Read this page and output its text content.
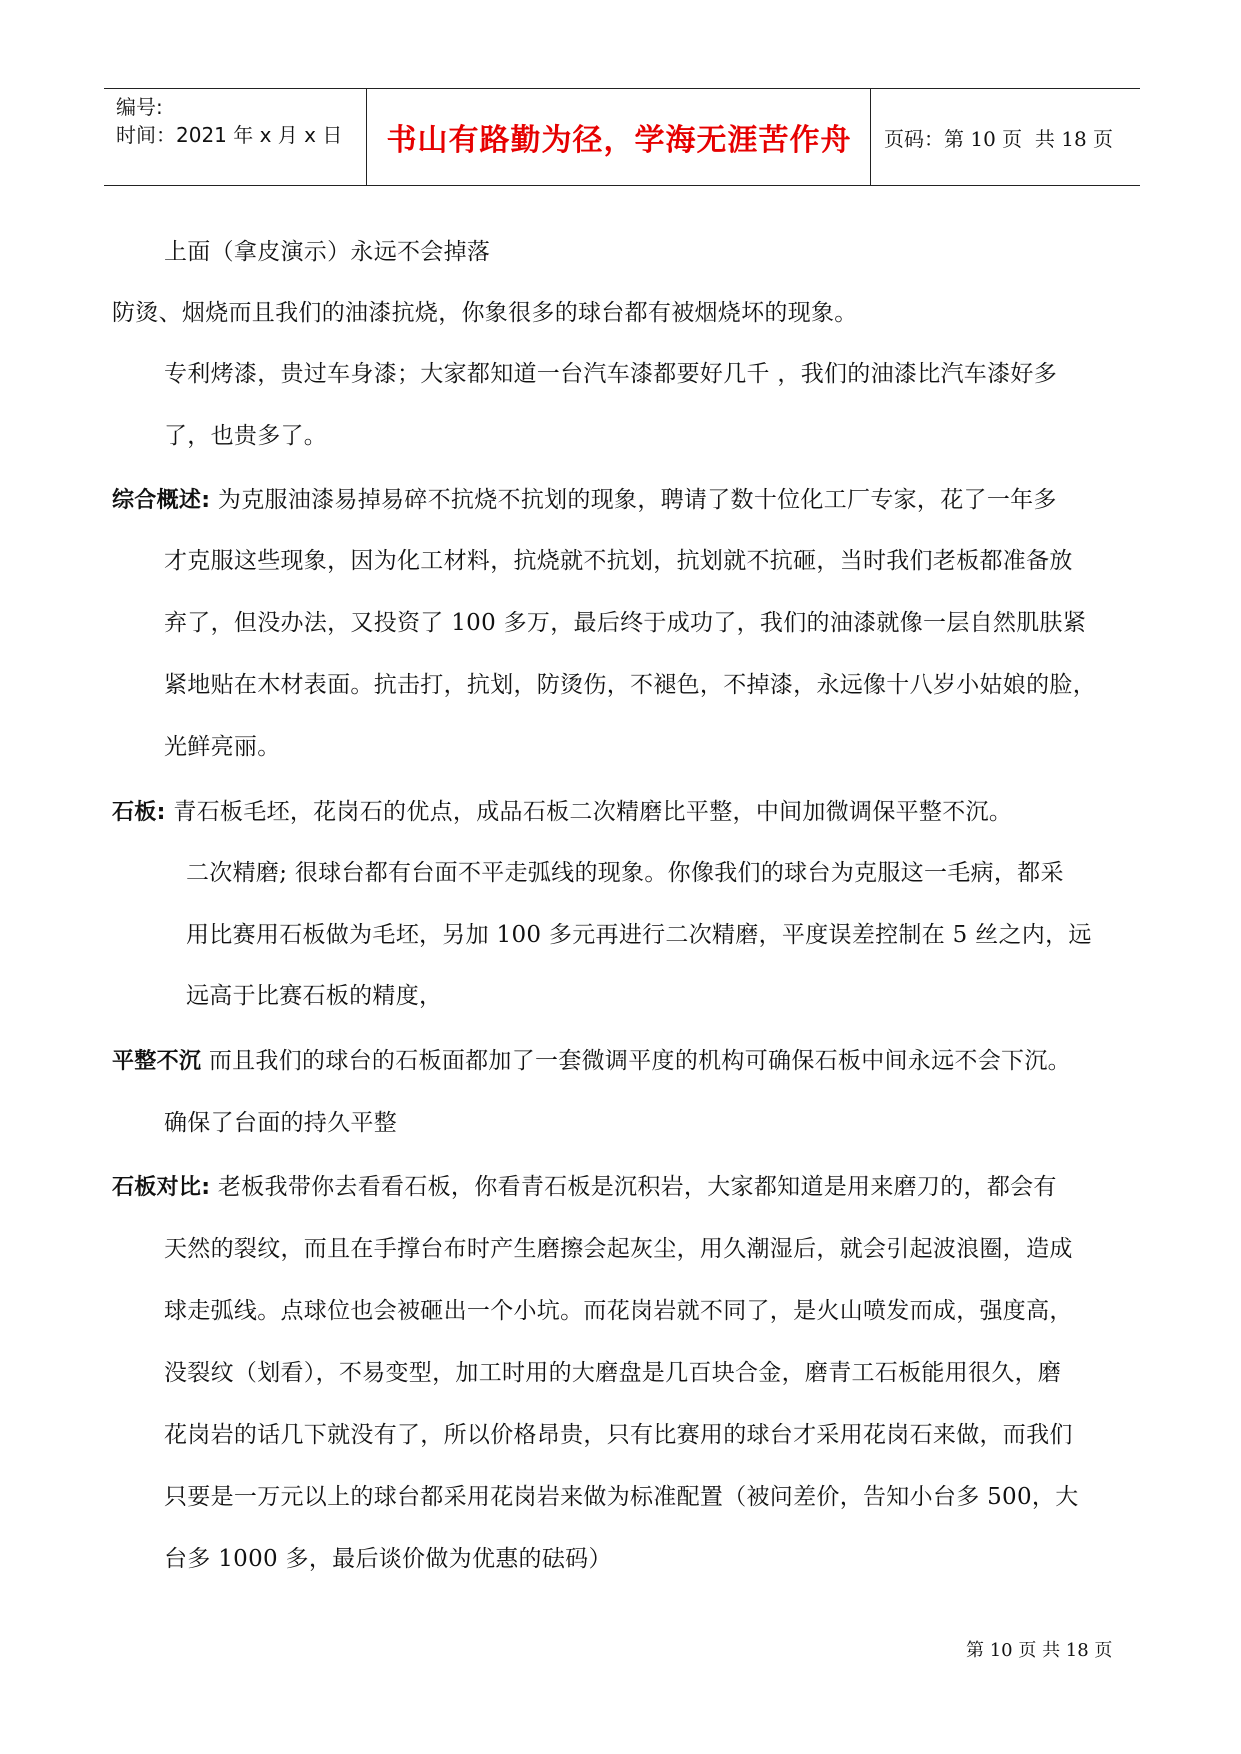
编号:
时间：2021 年 x 月 x 日	书山有路勤为径，学海无涯苦作舟	页码：第 10 页  共 18 页
上面（拿皮演示）永远不会掉落
防烫、烟烧而且我们的油漆抗烧，你象很多的球台都有被烟烧坏的现象。
专利烤漆，贵过车身漆；大家都知道一台汽车漆都要好几千 ，我们的油漆比汽车漆好多
了，也贵多了。
综合概述: 为克服油漆易掉易碎不抗烧不抗划的现象，聘请了数十位化工厂专家，花了一年多
才克服这些现象，因为化工材料，抗烧就不抗划，抗划就不抗砸，当时我们老板都准备放
弃了，但没办法，又投资了 100 多万，最后终于成功了，我们的油漆就像一层自然肌肤紧
紧地贴在木材表面。抗击打，抗划，防烫伤，不褪色，不掉漆，永远像十八岁小姑娘的脸，
光鲜亮丽。
石板: 青石板毛坯，花岗石的优点，成品石板二次精磨比平整，中间加微调保平整不沉。
二次精磨; 很球台都有台面不平走弧线的现象。你像我们的球台为克服这一毛病，都采
用比赛用石板做为毛坯，另加 100 多元再进行二次精磨，平度误差控制在 5 丝之内，远
远高于比赛石板的精度，
平整不沉 而且我们的球台的石板面都加了一套微调平度的机构可确保石板中间永远不会下沉。
确保了台面的持久平整
石板对比: 老板我带你去看看石板，你看青石板是沉积岩，大家都知道是用来磨刀的，都会有
天然的裂纹，而且在手撑台布时产生磨擦会起灰尘，用久潮湿后，就会引起波浪圈，造成
球走弧线。点球位也会被砸出一个小坑。而花岗岩就不同了，是火山喷发而成，强度高，
没裂纹（划看），不易变型，加工时用的大磨盘是几百块合金，磨青工石板能用很久，磨
花岗岩的话几下就没有了，所以价格昂贵，只有比赛用的球台才采用花岗石来做，而我们
只要是一万元以上的球台都采用花岗岩来做为标准配置（被问差价，告知小台多 500，大
台多 1000 多，最后谈价做为优惠的砝码）
第 10 页 共 18 页
